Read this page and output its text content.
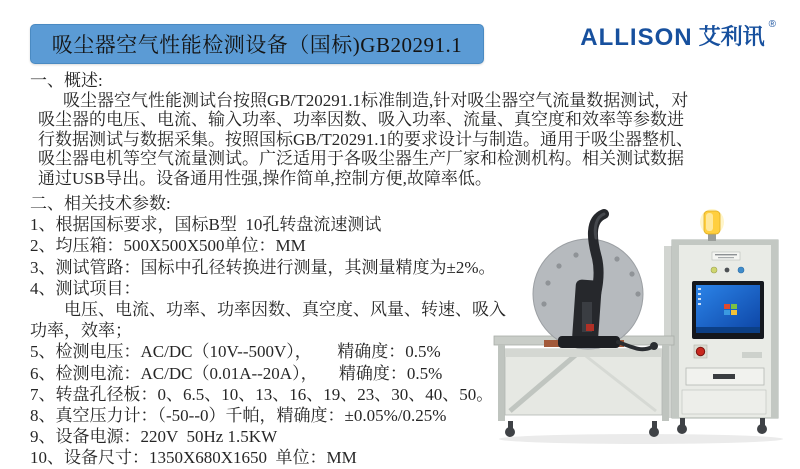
吸尘器空气性能检测设备（国标)GB20291.1	ALLISON 艾利讯 ®
一、概述:
吸尘器空气性能测试台按照GB/T20291.1标准制造,针对吸尘器空气流量数据测试，对
吸尘器的电压、电流、输入功率、功率因数、吸入功率、流量、真空度和效率等参数进
行数据测试与数据采集。按照国标GB/T20291.1的要求设计与制造。通用于吸尘器整机、
吸尘器电机等空气流量测试。广泛适用于各吸尘器生产厂家和检测机构。相关测试数据
通过USB导出。设备通用性强,操作简单,控制方便,故障率低。
二、相关技术参数:
1、根据国标要求，国标B型  10孔转盘流速测试
2、均压箱：500X500X500单位：MM
3、测试管路：国标中孔径转换进行测量，其测量精度为±2%。
4、测试项目：
　　电压、电流、功率、功率因数、真空度、风量、转速、吸入功率，效率；
5、检测电压：AC/DC（10V--500V），      精确度：0.5%
6、检测电流：AC/DC（0.01A--20A），     精确度：0.5%
7、转盘孔径板：0、6.5、10、13、16、19、23、30、40、50。
8、真空压力计：（-50--0）千帕，精确度：±0.05%/0.25%
9、设备电源：220V  50Hz 1.5KW
10、设备尺寸：1350X680X1650  单位：MM
